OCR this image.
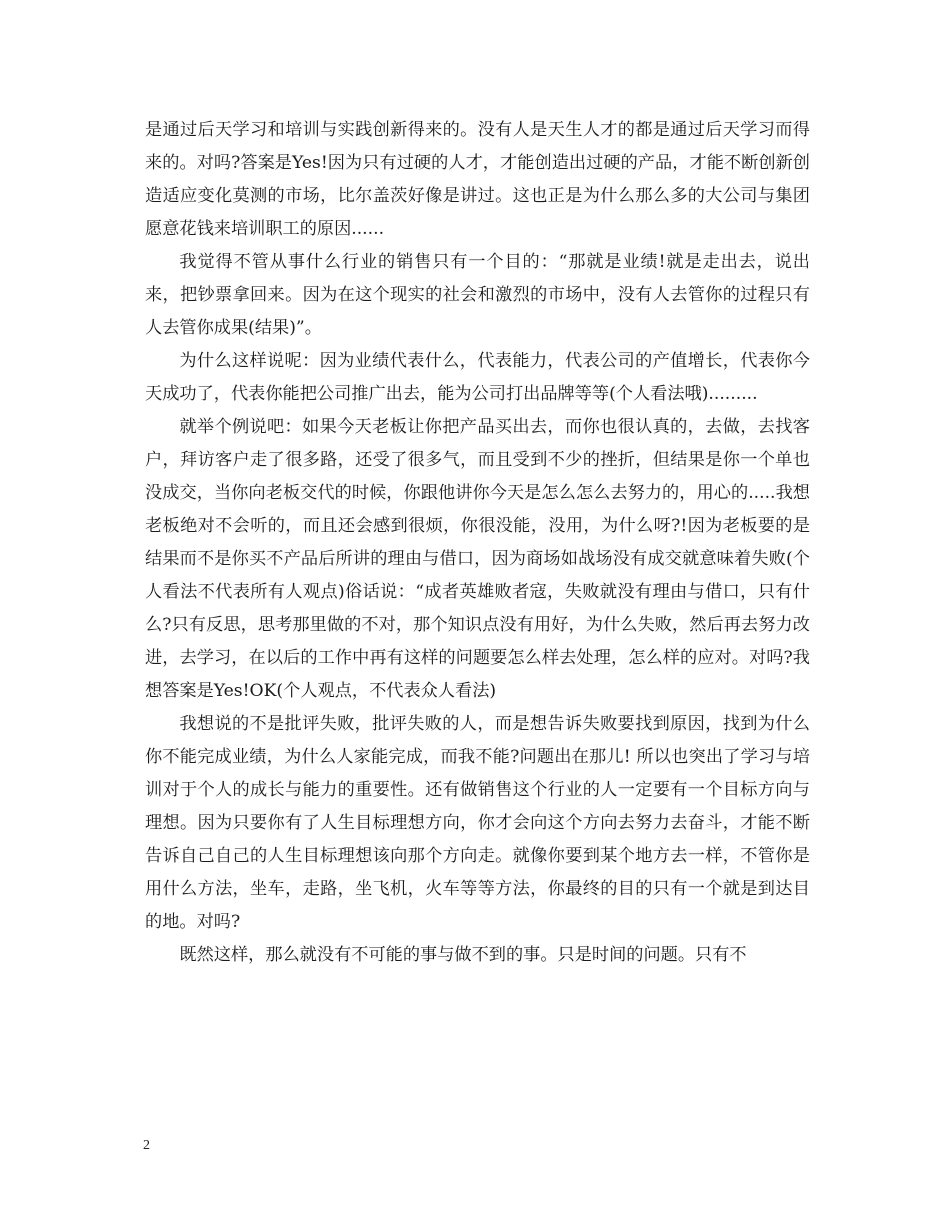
是通过后天学习和培训与实践创新得来的。没有人是天生人才的都是通过后天学习而得来的。对吗?答案是Yes!因为只有过硬的人才，才能创造出过硬的产品，才能不断创新创造适应变化莫测的市场，比尔盖茨好像是讲过。这也正是为什么那么多的大公司与集团愿意花钱来培训职工的原因......

我觉得不管从事什么行业的销售只有一个目的：“那就是业绩!就是走出去，说出来，把钞票拿回来。因为在这个现实的社会和激烈的市场中，没有人去管你的过程只有人去管你成果(结果)”。

为什么这样说呢：因为业绩代表什么，代表能力，代表公司的产值增长，代表你今天成功了，代表你能把公司推广出去，能为公司打出品牌等等(个人看法哦).........

就举个例说吧：如果今天老板让你把产品买出去，而你也很认真的，去做，去找客户，拜访客户走了很多路，还受了很多气，而且受到不少的挫折，但结果是你一个单也没成交，当你向老板交代的时候，你跟他讲你今天是怎么怎么去努力的，用心的.....我想老板绝对不会听的，而且还会感到很烦，你很没能，没用，为什么呀?!因为老板要的是结果而不是你买不产品后所讲的理由与借口，因为商场如战场没有成交就意味着失败(个人看法不代表所有人观点)俗话说：“成者英雄败者寇，失败就没有理由与借口，只有什么?只有反思，思考那里做的不对，那个知识点没有用好，为什么失败，然后再去努力改进，去学习，在以后的工作中再有这样的问题要怎么样去处理，怎么样的应对。对吗?我想答案是Yes!OK(个人观点，不代表众人看法)

我想说的不是批评失败，批评失败的人，而是想告诉失败要找到原因，找到为什么你不能完成业绩，为什么人家能完成，而我不能?问题出在那儿! 所以也突出了学习与培训对于个人的成长与能力的重要性。还有做销售这个行业的人一定要有一个目标方向与理想。因为只要你有了人生目标理想方向，你才会向这个方向去努力去奋斗，才能不断告诉自己自己的人生目标理想该向那个方向走。就像你要到某个地方去一样，不管你是用什么方法，坐车，走路，坐飞机，火车等等方法，你最终的目的只有一个就是到达目的地。对吗?

既然这样，那么就没有不可能的事与做不到的事。只是时间的问题。只有不

2
